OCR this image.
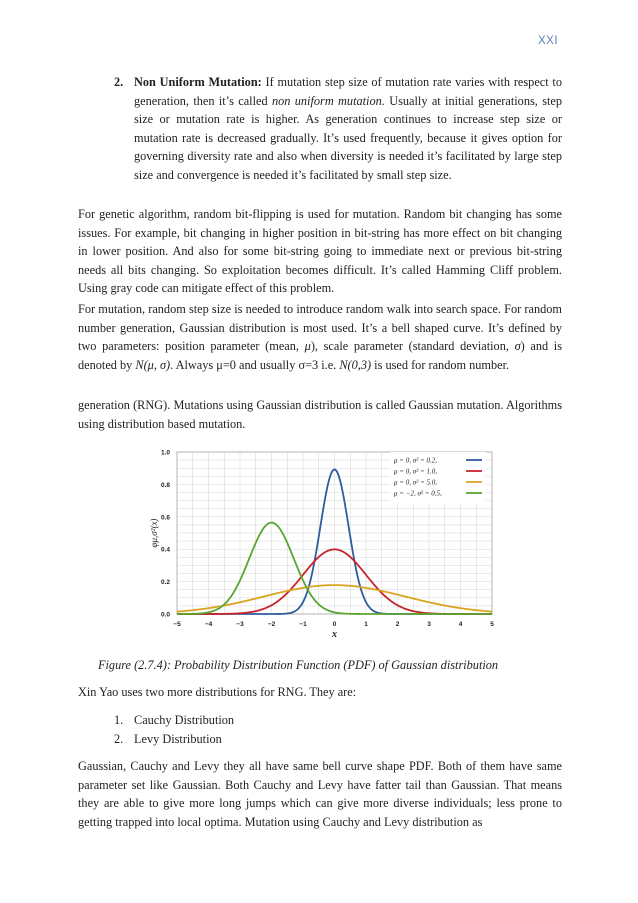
XXI
2. Non Uniform Mutation: If mutation step size of mutation rate varies with respect to generation, then it’s called non uniform mutation. Usually at initial generations, step size or mutation rate is higher. As generation continues to increase step size or mutation rate is decreased gradually. It’s used frequently, because it gives option for governing diversity rate and also when diversity is needed it’s facilitated by large step size and convergence is needed it’s facilitated by small step size.

For genetic algorithm, random bit-flipping is used for mutation. Random bit changing has some issues. For example, bit changing in higher position in bit-string has more effect on bit changing in lower position. And also for some bit-string going to immediate next or previous bit-string needs all bits changing. So exploitation becomes difficult. It’s called Hamming Cliff problem. Using gray code can mitigate effect of this problem.

For mutation, random step size is needed to introduce random walk into search space. For random number generation, Gaussian distribution is most used. It’s a bell shaped curve. It’s defined by two parameters: position parameter (mean, μ), scale parameter (standard deviation, σ) and is denoted by N(μ, σ). Always μ=0 and usually σ=3 i.e. N(0,3) is used for random number.

generation (RNG). Mutations using Gaussian distribution is called Gaussian mutation. Algorithms using distribution based mutation.

−5	−4	−3	−2	−1	0	1	2	3	4	5
0.0
0.2
0.4
0.6
0.8
1.0
x
φμ,σ²(x)
μ = 0, σ² = 0.2,
μ = 0, σ² = 1.0,
μ = 0, σ² = 5.0,
μ = −2, σ² = 0.5,
Figure (2.7.4): Probability Distribution Function (PDF) of Gaussian distribution

Xin Yao uses two more distributions for RNG. They are:

1. Cauchy Distribution
2. Levy Distribution

Gaussian, Cauchy and Levy they all have same bell curve shape PDF. Both of them have same parameter set like Gaussian. Both Cauchy and Levy have fatter tail than Gaussian. That means they are able to give more long jumps which can give more diverse individuals; less prone to getting trapped into local optima. Mutation using Cauchy and Levy distribution as
